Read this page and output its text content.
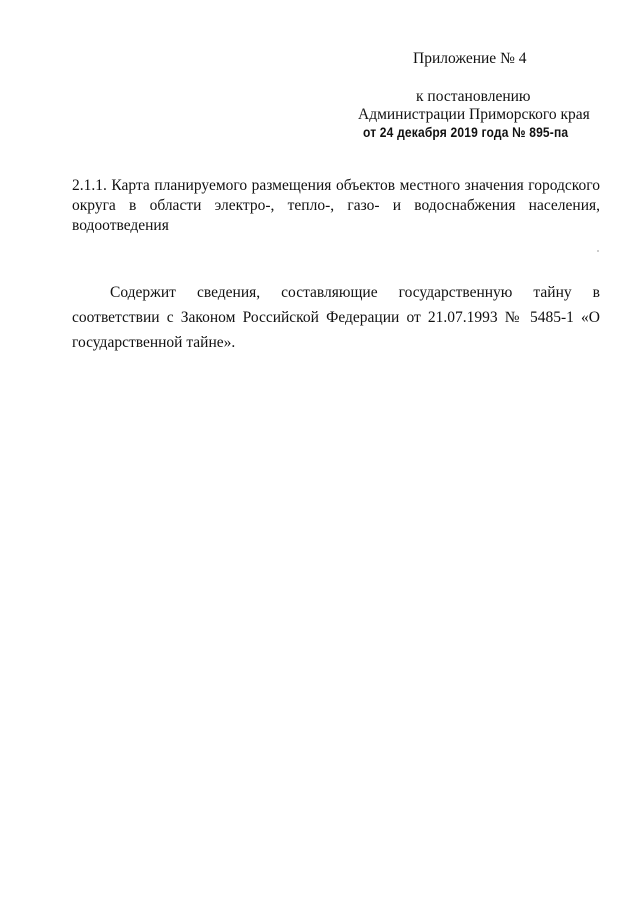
Приложение № 4
к постановлению
Администрации Приморского края
от 24 декабря 2019 года № 895-па
2.1.1. Карта планируемого размещения объектов местного значения городского округа в области электро-, тепло-, газо- и водоснабжения населения, водоотведения
Содержит сведения, составляющие государственную тайну в соответствии с Законом Российской Федерации от 21.07.1993 № 5485-1 «О государственной тайне».
